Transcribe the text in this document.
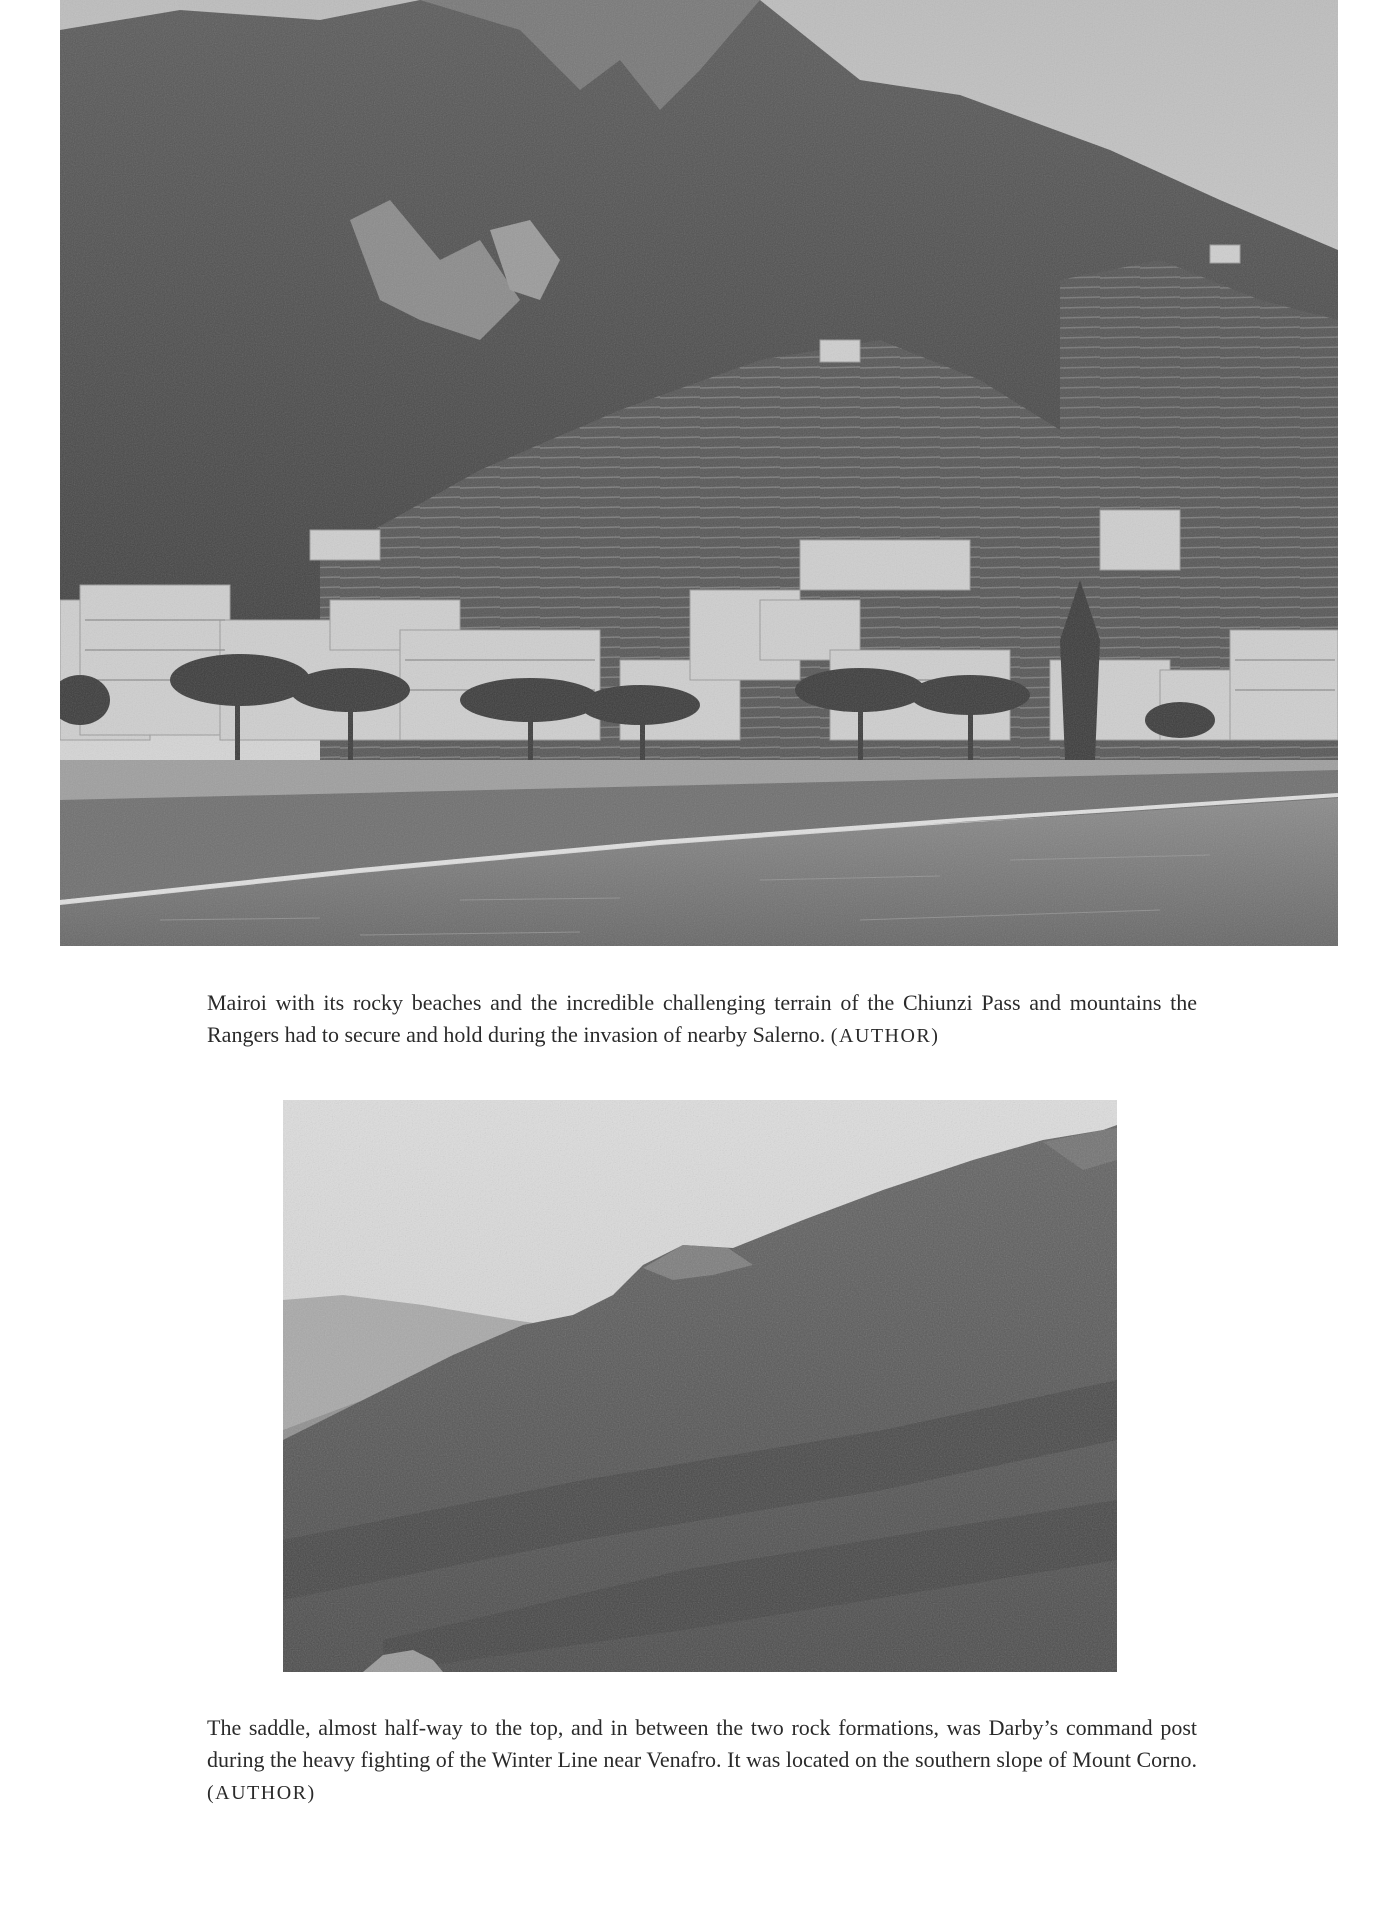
Mairoi with its rocky beaches and the incredible challenging terrain of the Chiunzi Pass and mountains the Rangers had to secure and hold during the invasion of nearby Salerno. (AUTHOR)

The saddle, almost half-way to the top, and in between the two rock formations, was Darby’s command post during the heavy fighting of the Winter Line near Venafro. It was located on the southern slope of Mount Corno. (AUTHOR)
